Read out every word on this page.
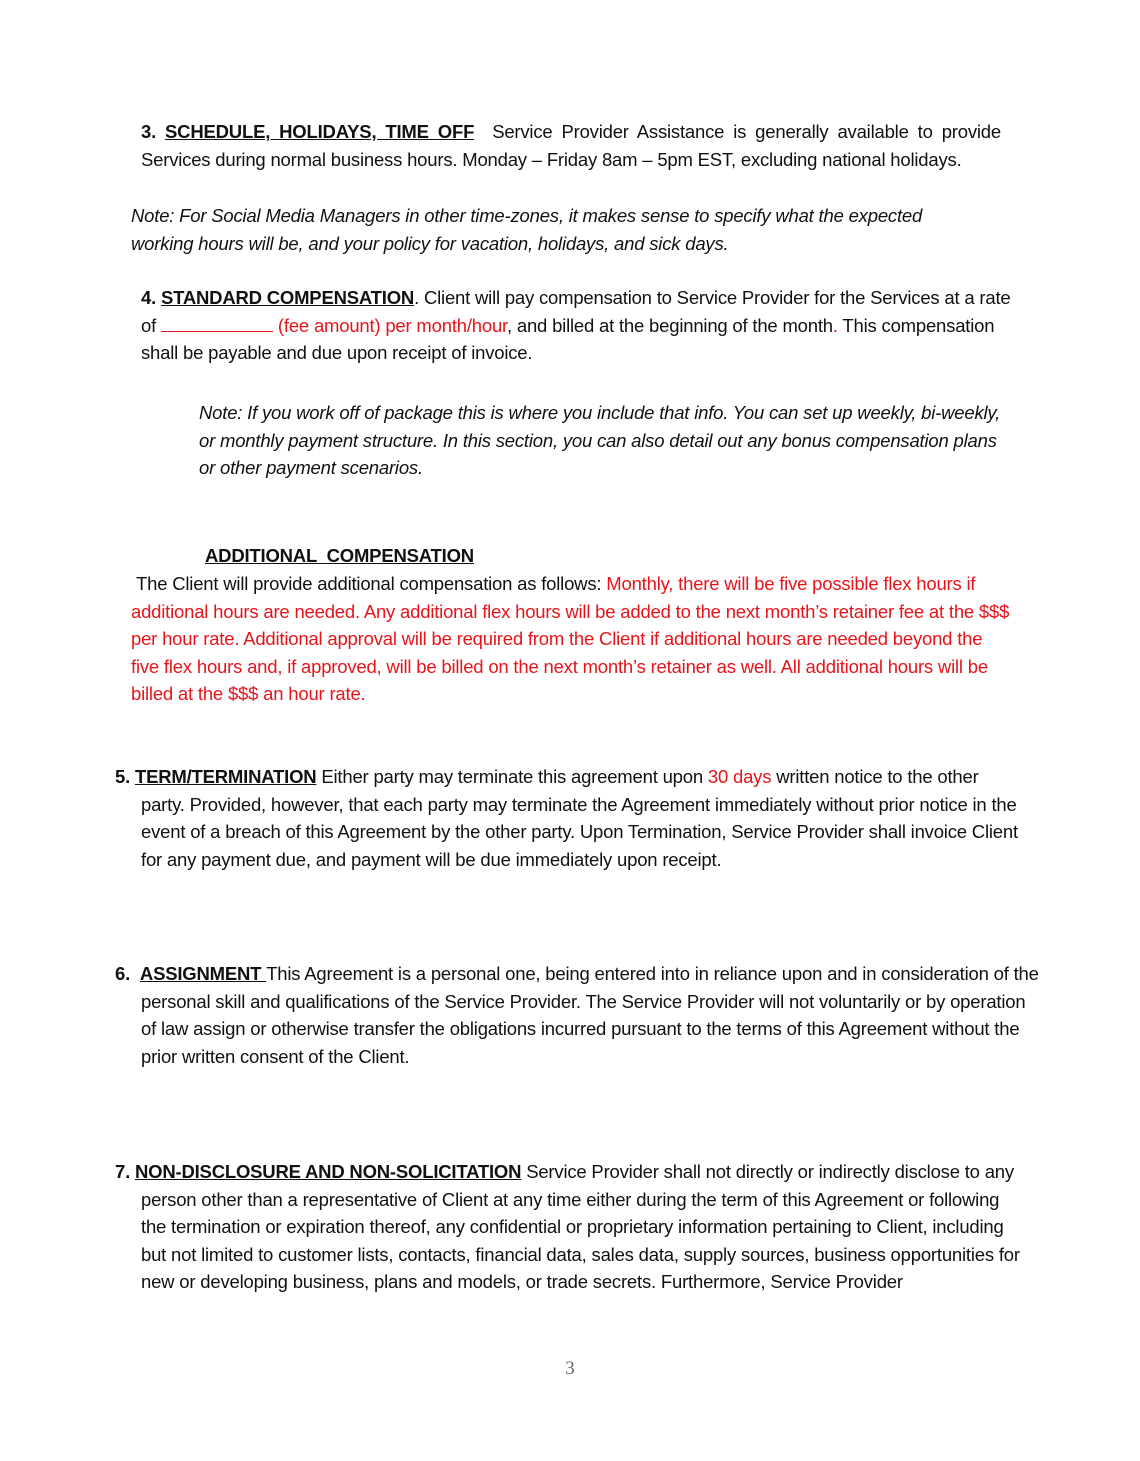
3. SCHEDULE, HOLIDAYS, TIME OFF Service Provider Assistance is generally available to provide Services during normal business hours. Monday – Friday 8am – 5pm EST, excluding national holidays.
Note: For Social Media Managers in other time-zones, it makes sense to specify what the expected working hours will be, and your policy for vacation, holidays, and sick days.
4. STANDARD COMPENSATION. Client will pay compensation to Service Provider for the Services at a rate of	(fee amount) per month/hour, and billed at the beginning of the month. This compensation shall be payable and due upon receipt of invoice.
Note: If you work off of package this is where you include that info. You can set up weekly, bi-weekly, or monthly payment structure. In this section, you can also detail out any bonus compensation plans or other payment scenarios.
ADDITIONAL  COMPENSATION
The Client will provide additional compensation as follows: Monthly, there will be five possible flex hours if additional hours are needed. Any additional flex hours will be added to the next month’s retainer fee at the $$$ per hour rate. Additional approval will be required from the Client if additional hours are needed beyond the five flex hours and, if approved, will be billed on the next month’s retainer as well. All additional hours will be billed at the $$$ an hour rate.
5. TERM/TERMINATION Either party may terminate this agreement upon 30 days written notice to the other party. Provided, however, that each party may terminate the Agreement immediately without prior notice in the event of a breach of this Agreement by the other party. Upon Termination, Service Provider shall invoice Client for any payment due, and payment will be due immediately upon receipt.
6. ASSIGNMENT This Agreement is a personal one, being entered into in reliance upon and in consideration of the personal skill and qualifications of the Service Provider. The Service Provider will not voluntarily or by operation of law assign or otherwise transfer the obligations incurred pursuant to the terms of this Agreement without the prior written consent of the Client.
7. NON-DISCLOSURE AND NON-SOLICITATION Service Provider shall not directly or indirectly disclose to any person other than a representative of Client at any time either during the term of this Agreement or following the termination or expiration thereof, any confidential or proprietary information pertaining to Client, including but not limited to customer lists, contacts, financial data, sales data, supply sources, business opportunities for new or developing business, plans and models, or trade secrets. Furthermore, Service Provider
3
